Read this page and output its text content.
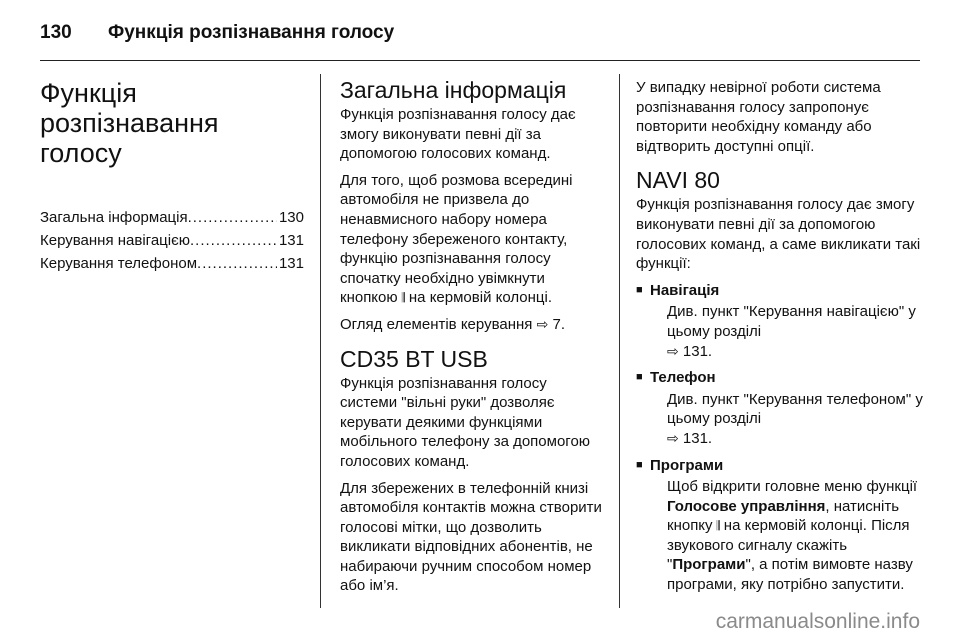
130 Функція розпізнавання голосу
Функція
розпізнавання
голосу
Загальна інформація .....	130
Керування навігацією .....	131
Керування телефоном .....	131
Загальна інформація

Функція розпізнавання голосу дає змогу виконувати певні дії за допомогою голосових команд.

Для того, щоб розмова всередині автомобіля не призвела до ненавмисного набору номера телефону збереженого контакту, функцію розпізнавання голосу спочатку необхідно увімкнути кнопкою 𝄂 на кермовій колонці.

Огляд елементів керування ⇨ 7.

CD35 BT USB

Функція розпізнавання голосу системи "вільні руки" дозволяє керувати деякими функціями мобільного телефону за допомогою голосових команд.

Для збережених в телефонній книзі автомобіля контактів можна створити голосові мітки, що дозволить викликати відповідних абонентів, не набираючи ручним способом номер або ім’я.

У випадку невірної роботи система розпізнавання голосу запропонує повторити необхідну команду або відтворить доступні опції.

NAVI 80

Функція розпізнавання голосу дає змогу виконувати певні дії за допомогою голосових команд, а саме викликати такі функції:

■ Навігація

Див. пункт "Керування навігацією" у цьому розділі
⇨ 131.

■ Телефон

Див. пункт "Керування телефоном" у цьому розділі
⇨ 131.

■ Програми

Щоб відкрити головне меню функції Голосове управління, натисніть кнопку 𝄂 на кермовій колонці. Після звукового сигналу скажіть "Програми", а потім вимовте назву програми, яку потрібно запустити.

carmanualsonline.info
